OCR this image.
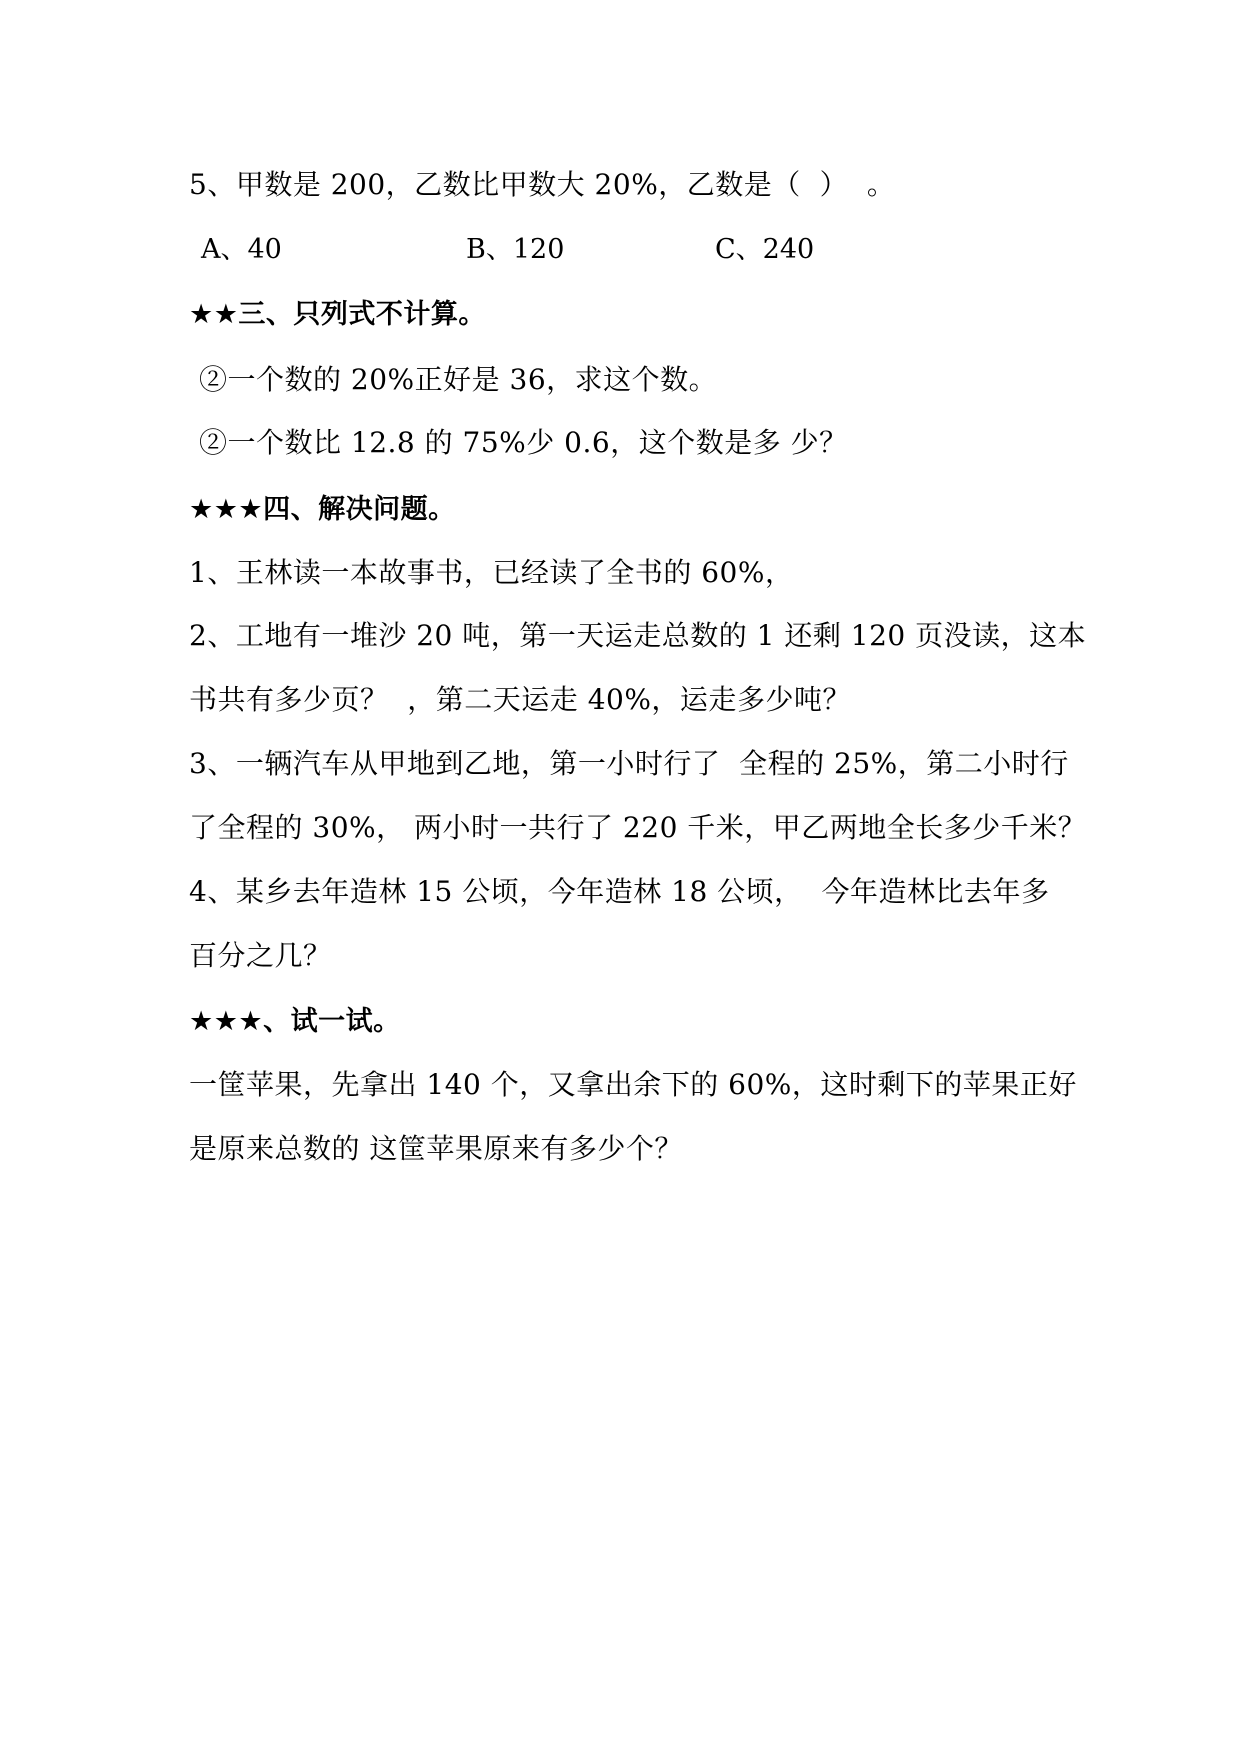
5、甲数是 200，乙数比甲数大 20%，乙数是（  ）  。
A、40	B、120	C、240
★★三、只列式不计算。
②一个数的 20%正好是 36，求这个数。
②一个数比 12.8 的 75%少 0.6，这个数是多 少？
★★★四、解决问题。
1、王林读一本故事书，已经读了全书的 60%，
2、工地有一堆沙 20 吨，第一天运走总数的 1 还剩 120 页没读，这本
书共有多少页？  ，第二天运走 40%，运走多少吨？
3、一辆汽车从甲地到乙地，第一小时行了  全程的 25%，第二小时行
了全程的 30%， 两小时一共行了 220 千米，甲乙两地全长多少千米？
4、某乡去年造林 15 公顷，今年造林 18 公顷，  今年造林比去年多
百分之几？
★★★、试一试。
一筐苹果，先拿出 140 个，又拿出余下的 60%，这时剩下的苹果正好
是原来总数的 这筐苹果原来有多少个？
